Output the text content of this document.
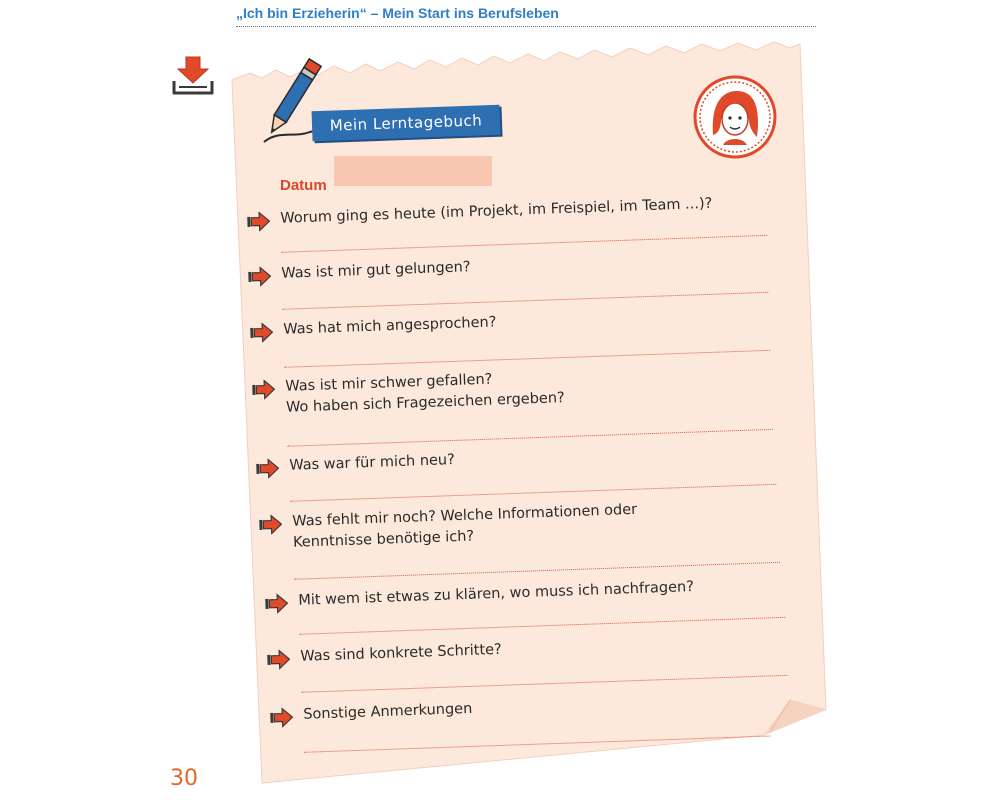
„Ich bin Erzieherin“ – Mein Start ins Berufsleben
Mein Lerntagebuch
Datum
Worum ging es heute (im Projekt, im Freispiel, im Team ...)?
Was ist mir gut gelungen?
Was hat mich angesprochen?
Was ist mir schwer gefallen?
Wo haben sich Fragezeichen ergeben?
Was war für mich neu?
Was fehlt mir noch? Welche Informationen oder
Kenntnisse benötige ich?
Mit wem ist etwas zu klären, wo muss ich nachfragen?
Was sind konkrete Schritte?
Sonstige Anmerkungen
30
